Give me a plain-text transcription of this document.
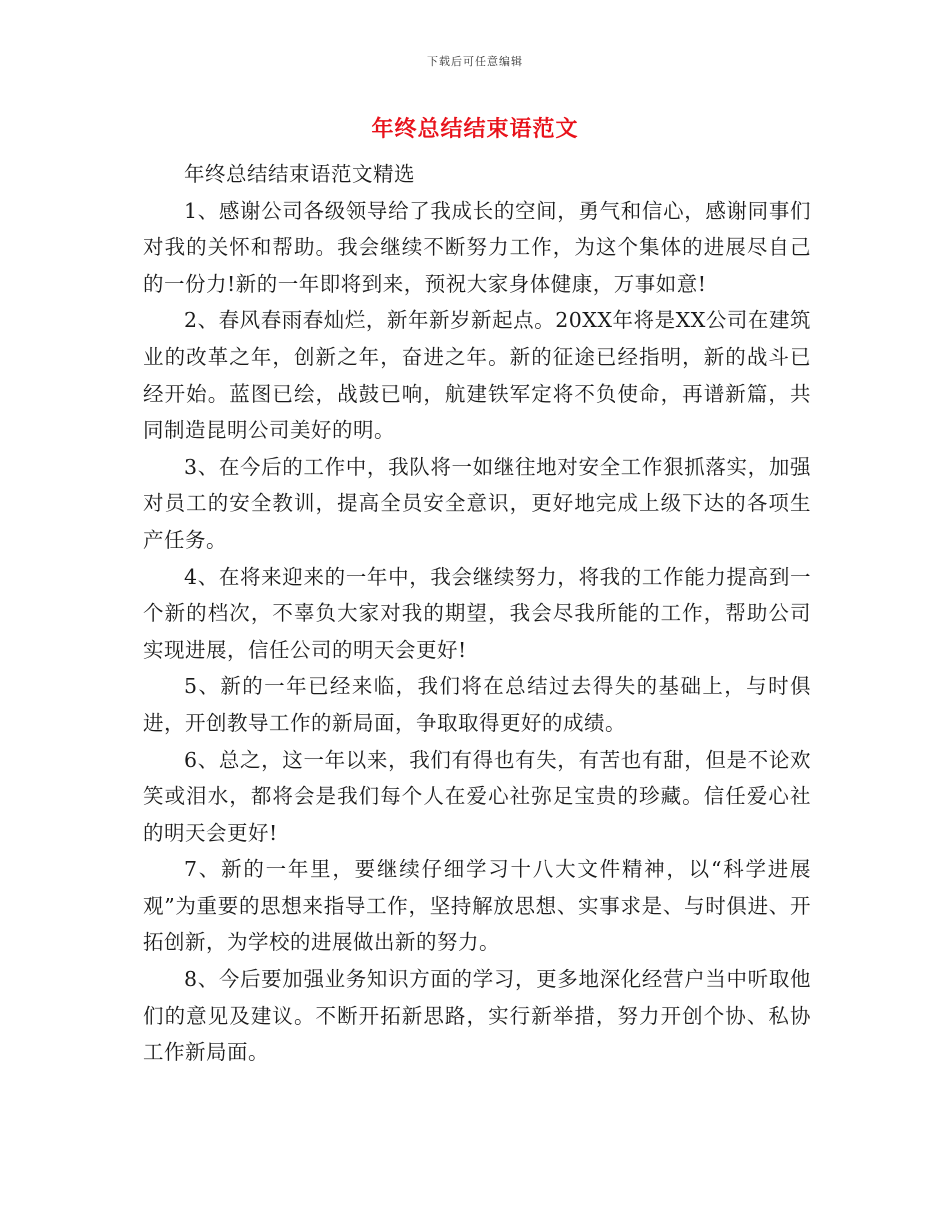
下载后可任意编辑
年终总结结束语范文

年终总结结束语范文精选

1、感谢公司各级领导给了我成长的空间，勇气和信心，感谢同事们对我的关怀和帮助。我会继续不断努力工作，为这个集体的进展尽自己的一份力!新的一年即将到来，预祝大家身体健康，万事如意!

2、春风春雨春灿烂，新年新岁新起点。20XX年将是XX公司在建筑业的改革之年，创新之年，奋进之年。新的征途已经指明，新的战斗已经开始。蓝图已绘，战鼓已响，航建铁军定将不负使命，再谱新篇，共同制造昆明公司美好的明。

3、在今后的工作中，我队将一如继往地对安全工作狠抓落实，加强对员工的安全教训，提高全员安全意识，更好地完成上级下达的各项生产任务。

4、在将来迎来的一年中，我会继续努力，将我的工作能力提高到一个新的档次，不辜负大家对我的期望，我会尽我所能的工作，帮助公司实现进展，信任公司的明天会更好!

5、新的一年已经来临，我们将在总结过去得失的基础上，与时俱进，开创教导工作的新局面，争取取得更好的成绩。

6、总之，这一年以来，我们有得也有失，有苦也有甜，但是不论欢笑或泪水，都将会是我们每个人在爱心社弥足宝贵的珍藏。信任爱心社的明天会更好!

7、新的一年里，要继续仔细学习十八大文件精神，以“科学进展观”为重要的思想来指导工作，坚持解放思想、实事求是、与时俱进、开拓创新，为学校的进展做出新的努力。

8、今后要加强业务知识方面的学习，更多地深化经营户当中听取他们的意见及建议。不断开拓新思路，实行新举措，努力开创个协、私协工作新局面。
